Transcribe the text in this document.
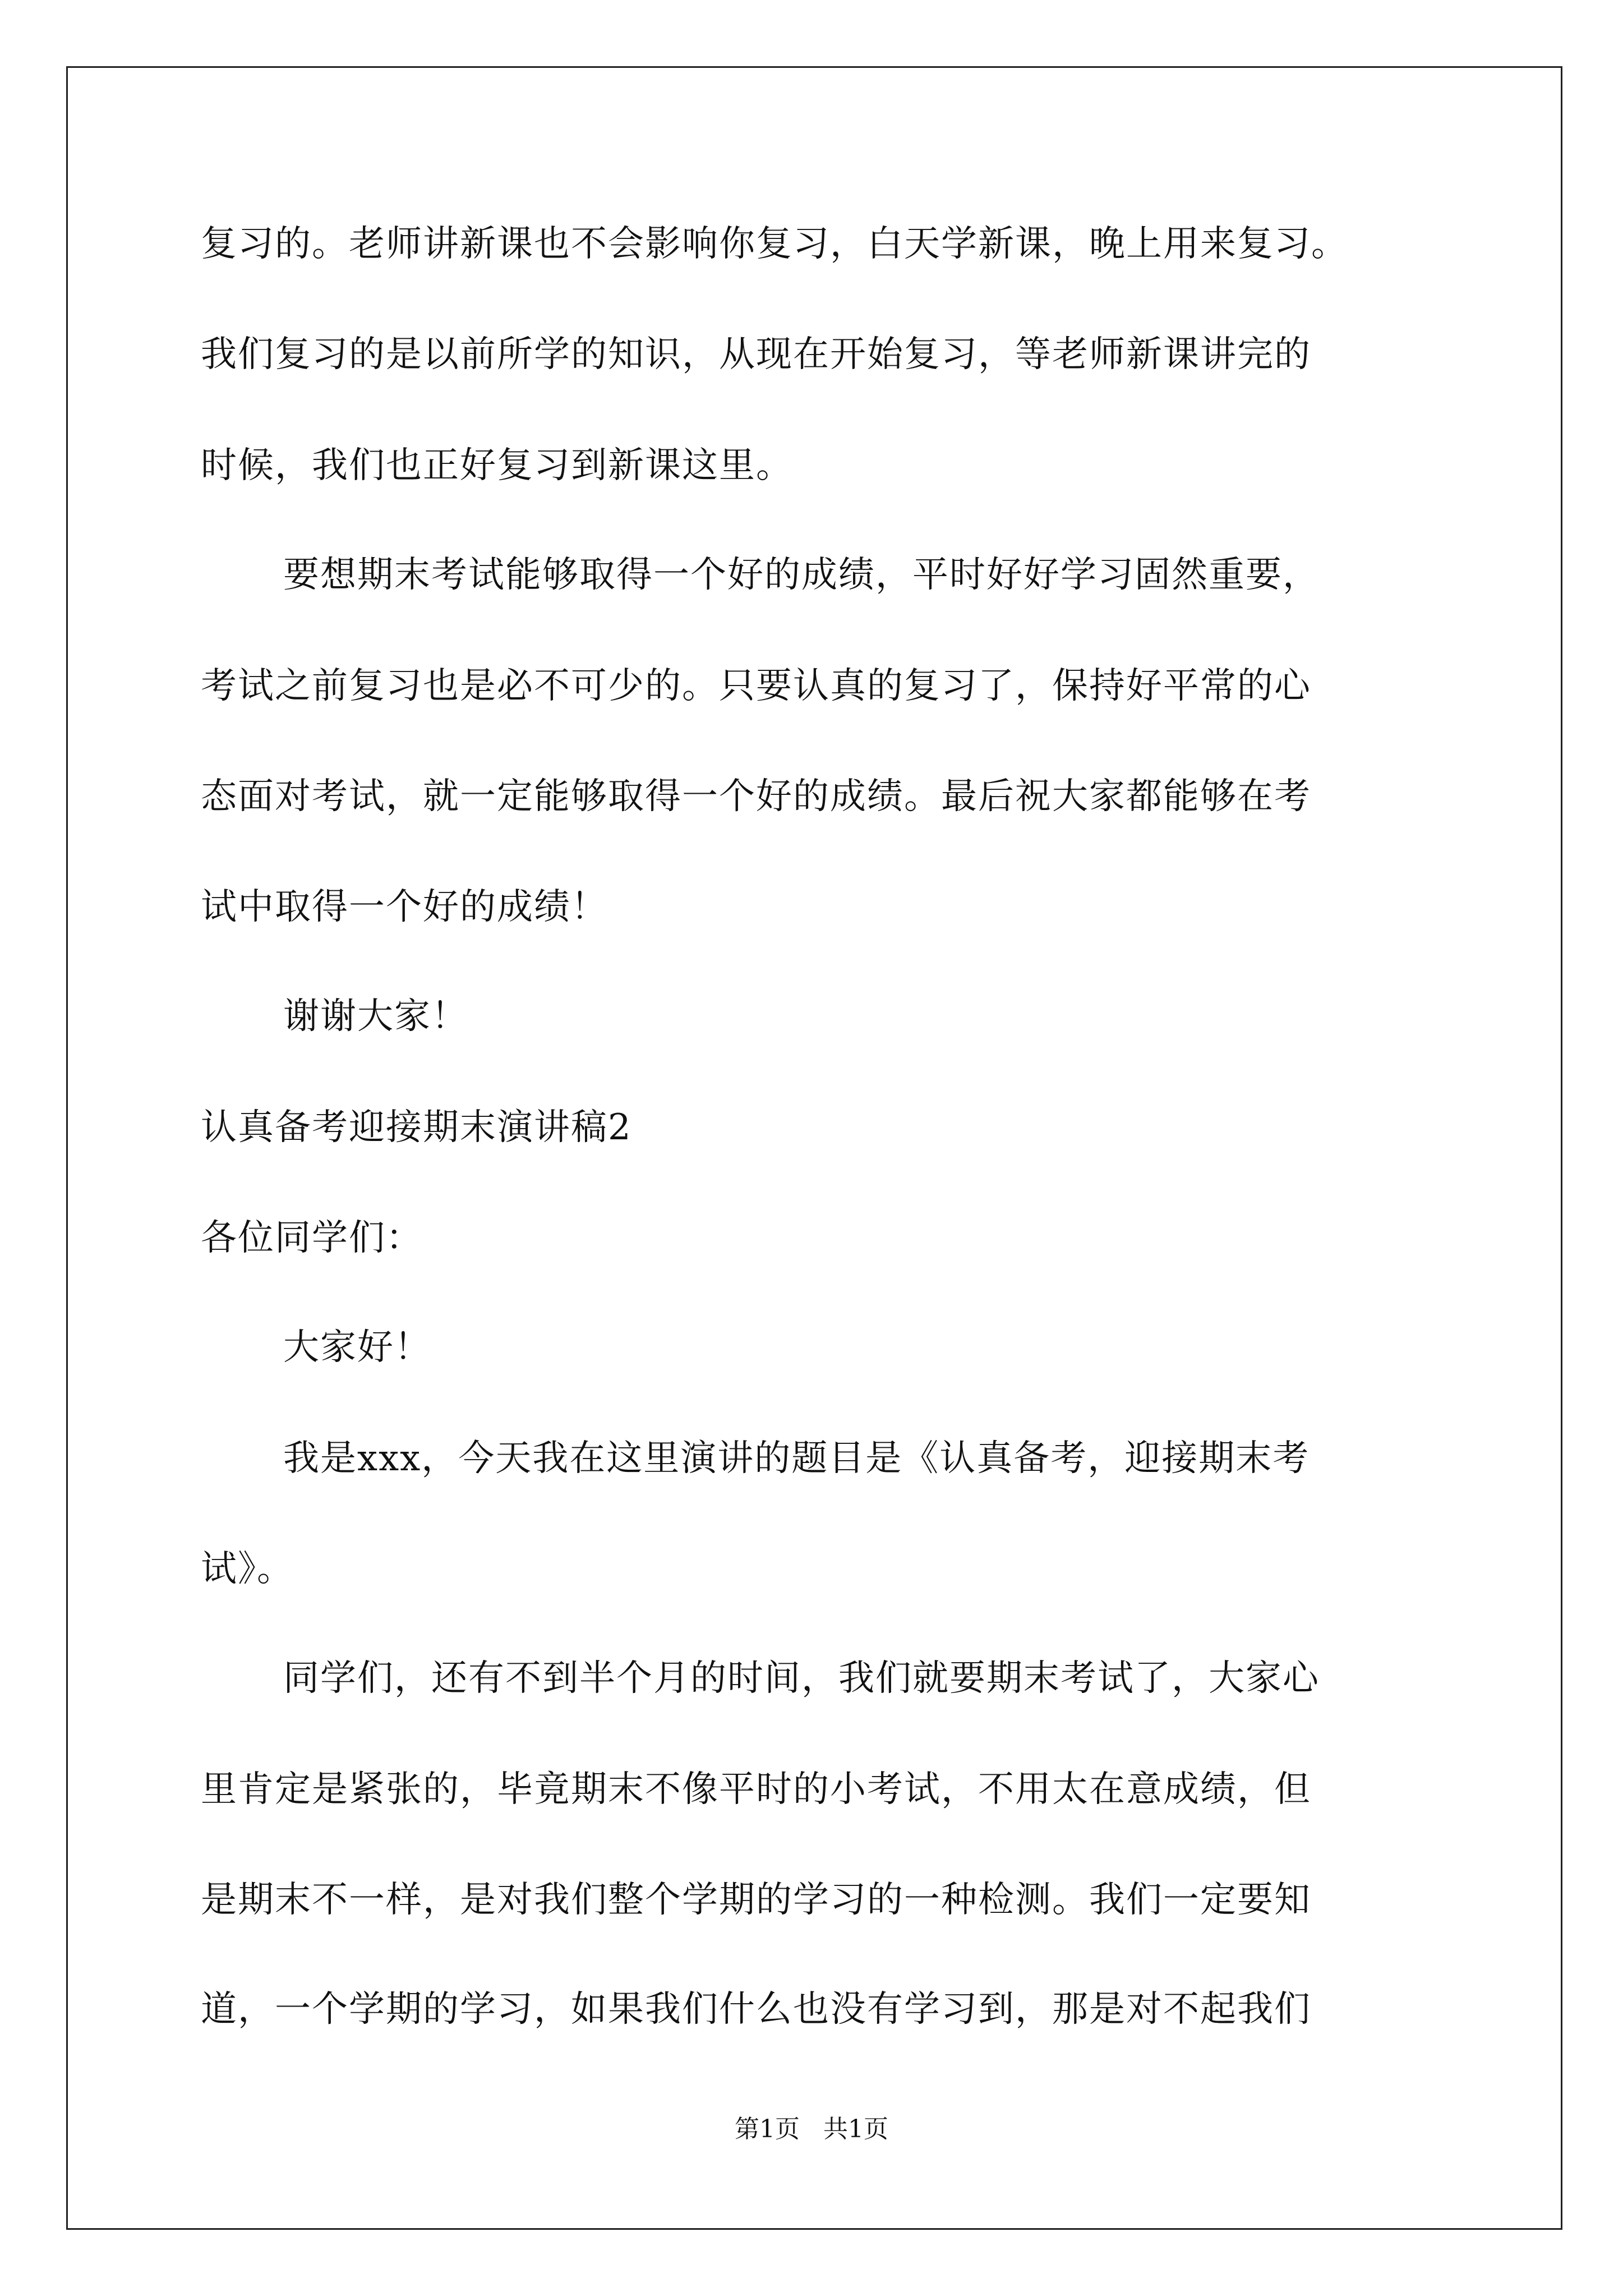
复习的。老师讲新课也不会影响你复习，白天学新课，晚上用来复习。
我们复习的是以前所学的知识，从现在开始复习，等老师新课讲完的
时候，我们也正好复习到新课这里。
要想期末考试能够取得一个好的成绩，平时好好学习固然重要，
考试之前复习也是必不可少的。只要认真的复习了，保持好平常的心
态面对考试，就一定能够取得一个好的成绩。最后祝大家都能够在考
试中取得一个好的成绩！
谢谢大家！
认真备考迎接期末演讲稿2
各位同学们：
大家好！
我是xxx，今天我在这里演讲的题目是《认真备考，迎接期末考
试》。
同学们，还有不到半个月的时间，我们就要期末考试了，大家心
里肯定是紧张的，毕竟期末不像平时的小考试，不用太在意成绩，但
是期末不一样，是对我们整个学期的学习的一种检测。我们一定要知
道，一个学期的学习，如果我们什么也没有学习到，那是对不起我们
第1页   共1页
